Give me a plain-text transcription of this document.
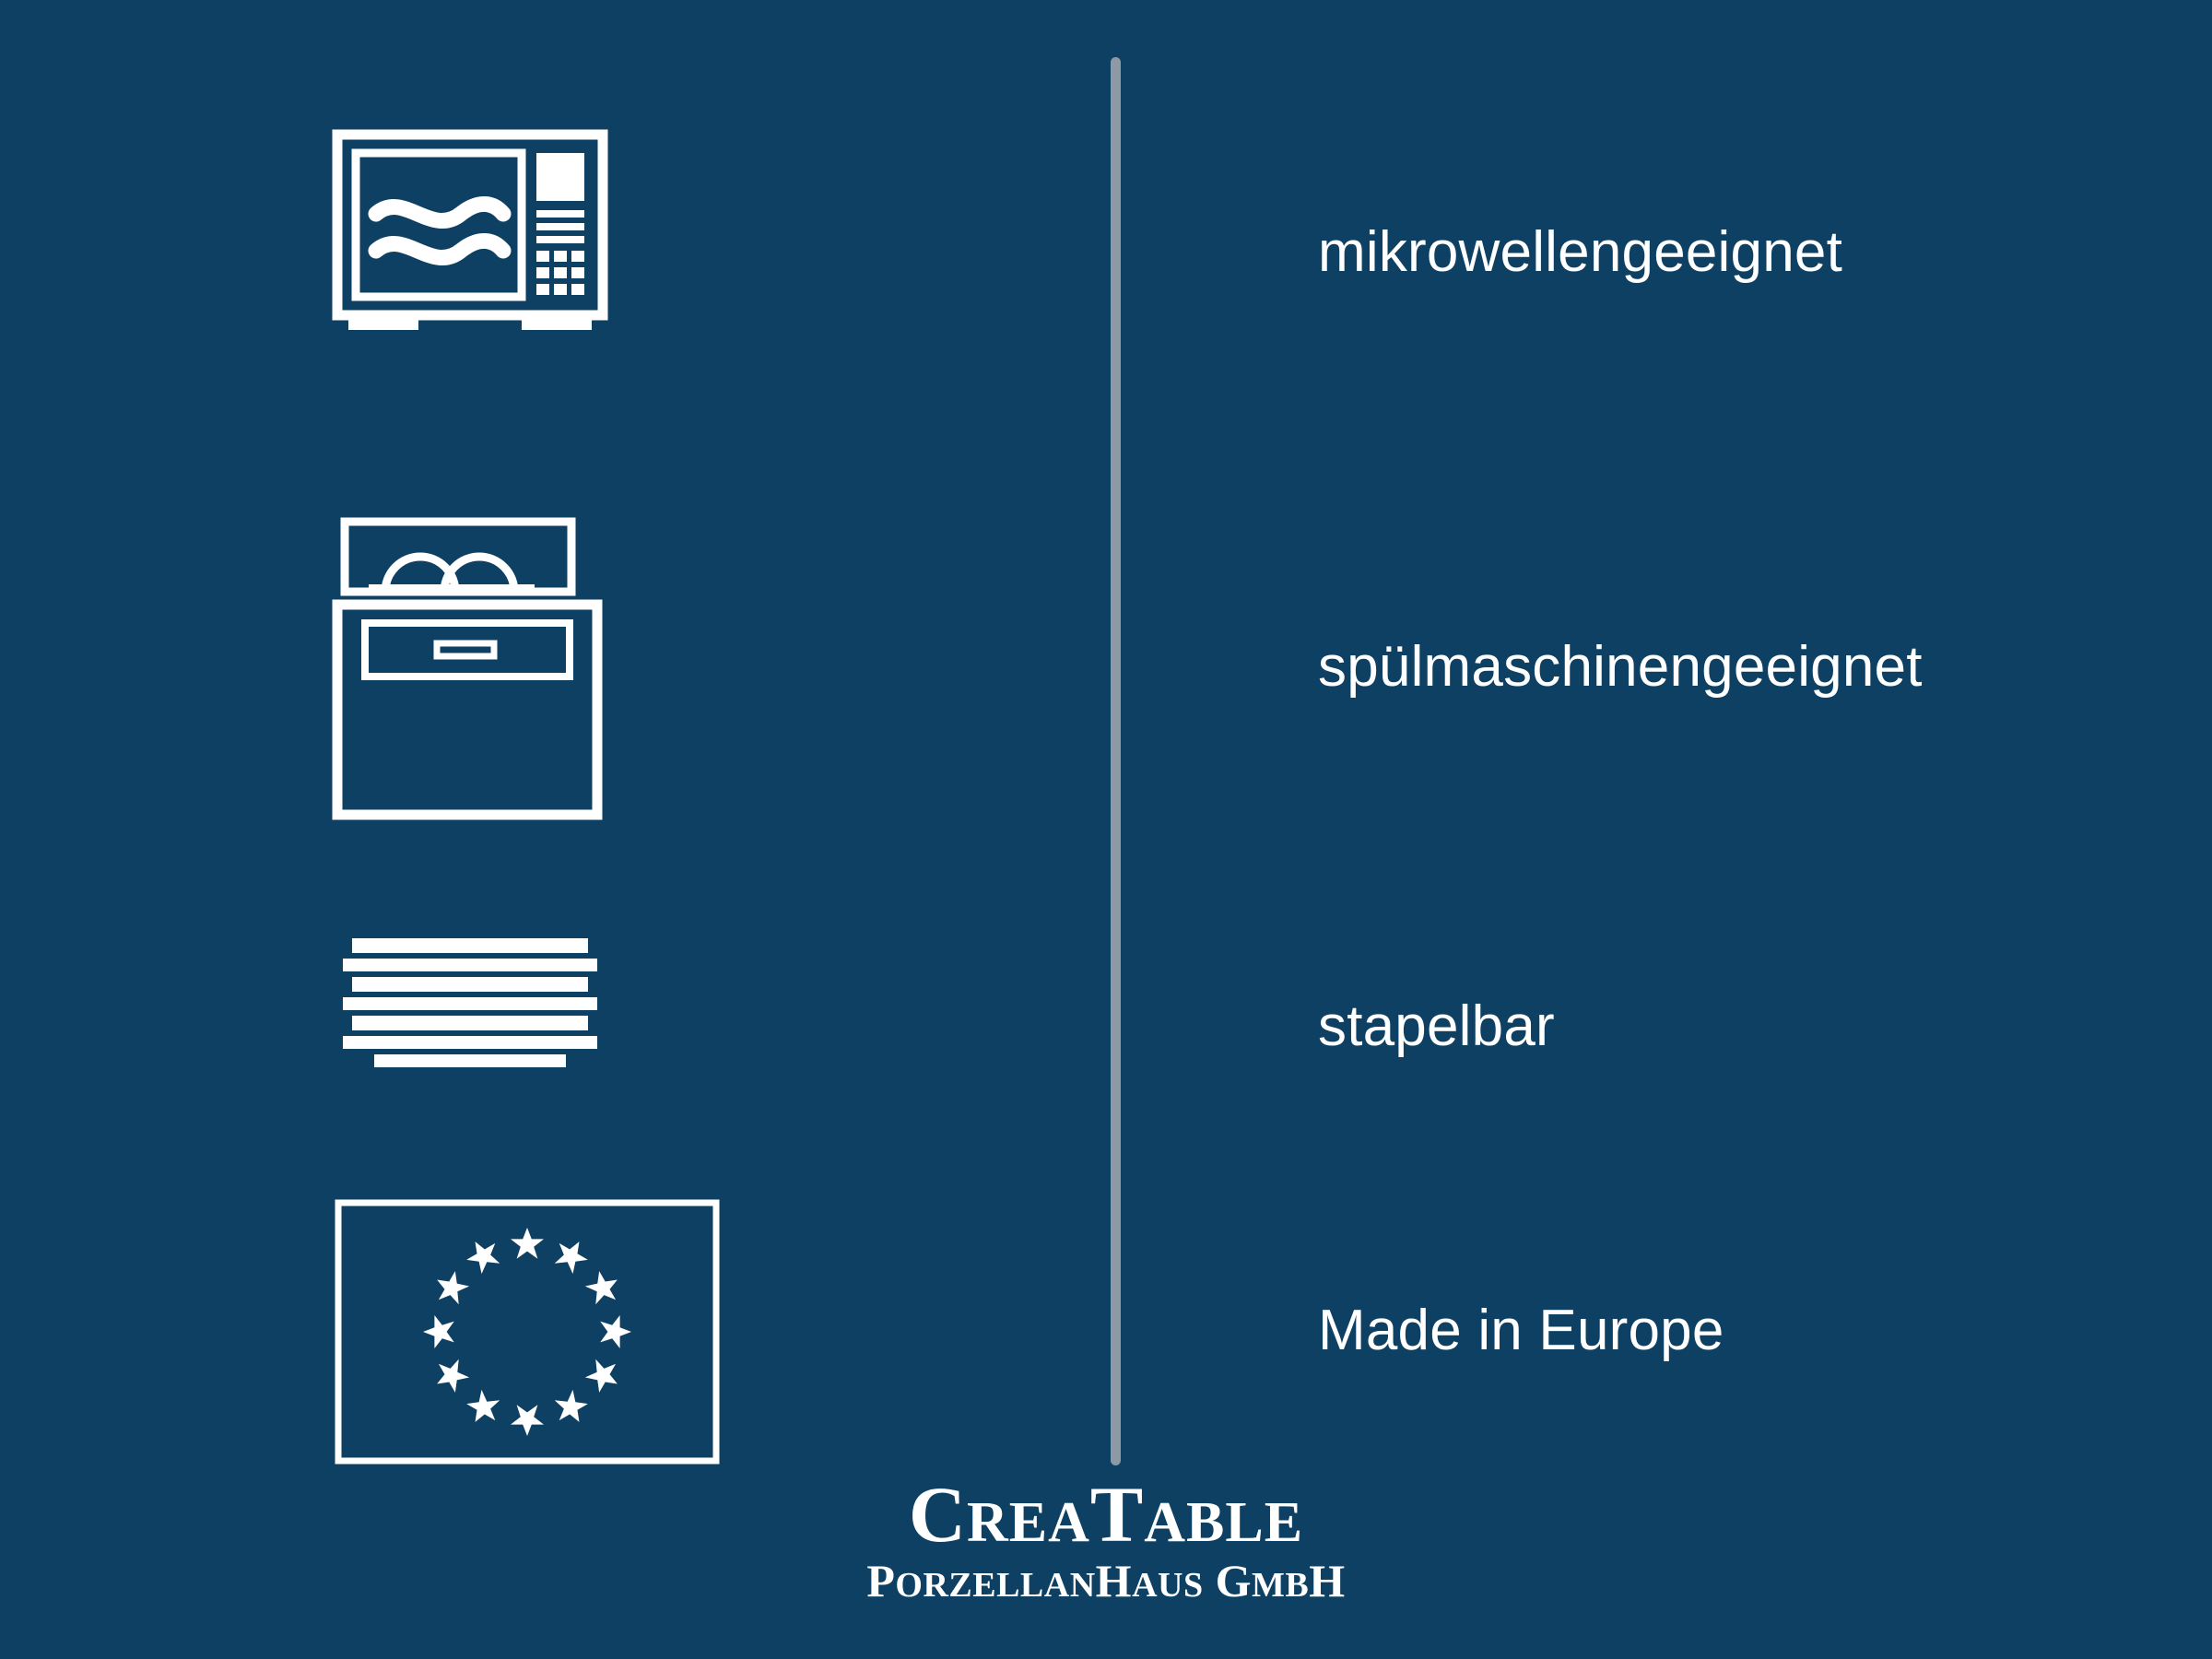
mikrowellengeeignet
spülmaschinengeeignet
stapelbar
Made in Europe
CREATABLE
PORZELLANHAUS GMBH
